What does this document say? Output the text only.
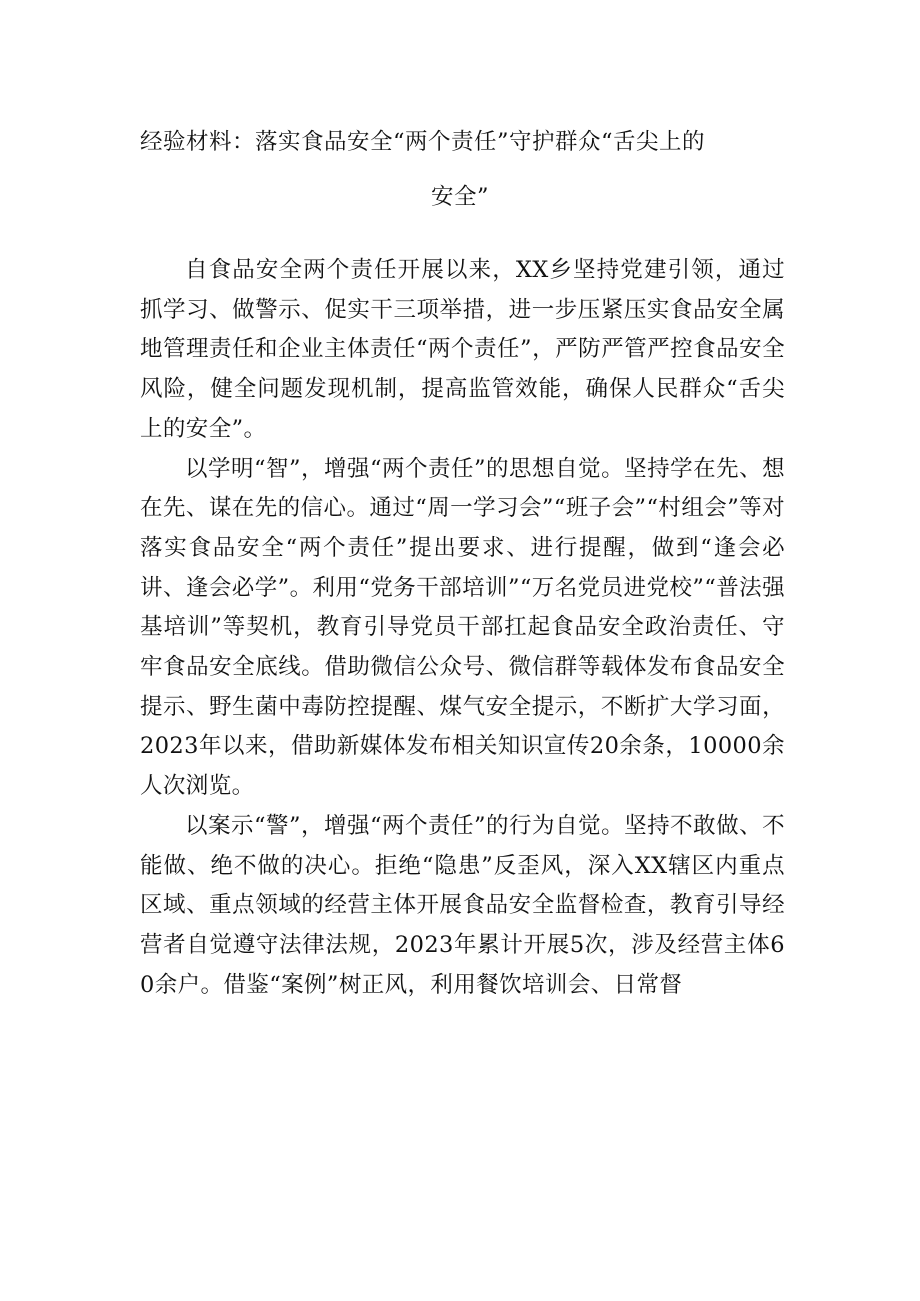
经验材料：落实食品安全“两个责任”守护群众“舌尖上的
安全”

自食品安全两个责任开展以来，XX乡坚持党建引领，通过抓学习、做警示、促实干三项举措，进一步压紧压实食品安全属地管理责任和企业主体责任“两个责任”，严防严管严控食品安全风险，健全问题发现机制，提高监管效能，确保人民群众“舌尖上的安全”。

以学明“智”，增强“两个责任”的思想自觉。坚持学在先、想在先、谋在先的信心。通过“周一学习会”“班子会”“村组会”等对落实食品安全“两个责任”提出要求、进行提醒，做到“逢会必讲、逢会必学”。利用“党务干部培训”“万名党员进党校”“普法强基培训”等契机，教育引导党员干部扛起食品安全政治责任、守牢食品安全底线。借助微信公众号、微信群等载体发布食品安全提示、野生菌中毒防控提醒、煤气安全提示，不断扩大学习面，2023年以来，借助新媒体发布相关知识宣传20余条，10000余人次浏览。

以案示“警”，增强“两个责任”的行为自觉。坚持不敢做、不能做、绝不做的决心。拒绝“隐患”反歪风，深入XX辖区内重点区域、重点领域的经营主体开展食品安全监督检查，教育引导经营者自觉遵守法律法规，2023年累计开展5次，涉及经营主体60余户。借鉴“案例”树正风，利用餐饮培训会、日常督
